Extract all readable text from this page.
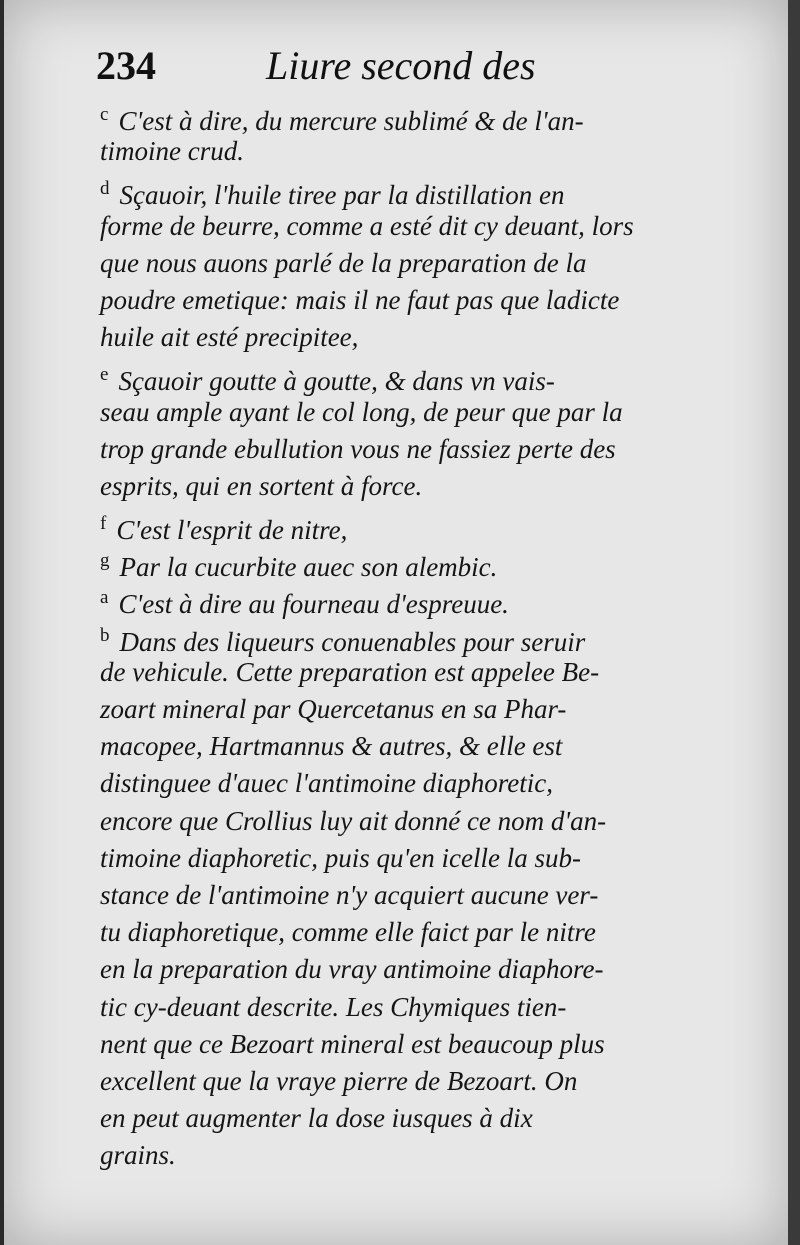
234	Liure second des
$^c$ C'est à dire, du mercure sublimé & de l'an-
timoine crud.
$^d$ Sçauoir, l'huile tiree par la distillation en
forme de beurre, comme a esté dit cy deuant, lors
que nous auons parlé de la preparation de la
poudre emetique: mais il ne faut pas que ladicte
huile ait esté precipitee,
$^e$ Sçauoir goutte à goutte, & dans vn vais-
seau ample ayant le col long, de peur que par la
trop grande ebullution vous ne fassiez perte des
esprits, qui en sortent à force.
$^f$ C'est l'esprit de nitre,
$^g$ Par la cucurbite auec son alembic.
$^a$ C'est à dire au fourneau d'espreuue.
$^b$ Dans des liqueurs conuenables pour seruir
de vehicule. Cette preparation est appelee Be-
zoart mineral par Quercetanus en sa Phar-
macopee, Hartmannus & autres, & elle est
distinguee d'auec l'antimoine diaphoretic,
encore que Crollius luy ait donné ce nom d'an-
timoine diaphoretic, puis qu'en icelle la sub-
stance de l'antimoine n'y acquiert aucune ver-
tu diaphoretique, comme elle faict par le nitre
en la preparation du vray antimoine diaphore-
tic cy-deuant descrite. Les Chymiques tien-
nent que ce Bezoart mineral est beaucoup plus
excellent que la vraye pierre de Bezoart. On
en peut augmenter la dose iusques à dix
grains.
